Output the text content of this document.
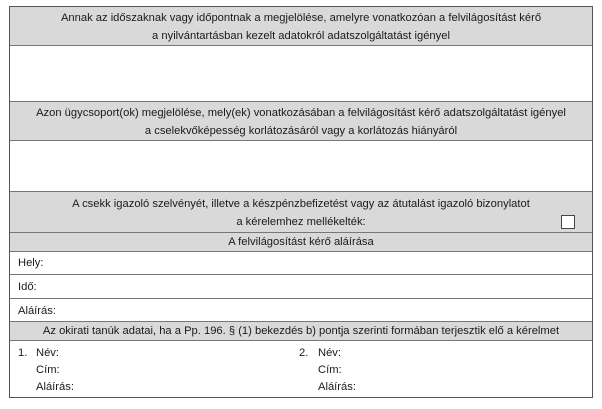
Annak az időszaknak vagy időpontnak a megjelölése, amelyre vonatkozóan a felvilágosítást kérő
a nyilvántartásban kezelt adatokról adatszolgáltatást igényel
Azon ügycsoport(ok) megjelölése, mely(ek) vonatkozásában a felvilágosítást kérő adatszolgáltatást igényel
a cselekvőképesség korlátozásáról vagy a korlátozás hiányáról
A csekk igazoló szelvényét, illetve a készpénzbefizetést vagy az átutalást igazoló bizonylatot
a kérelemhez mellékelték:
A felvilágosítást kérő aláírása
Hely:
Idő:
Aláírás:
Az okirati tanúk adatai, ha a Pp. 196. § (1) bekezdés b) pontja szerinti formában terjesztik elő a kérelmet
1. Név:
Cím:
Aláírás:
2. Név:
Cím:
Aláírás:
